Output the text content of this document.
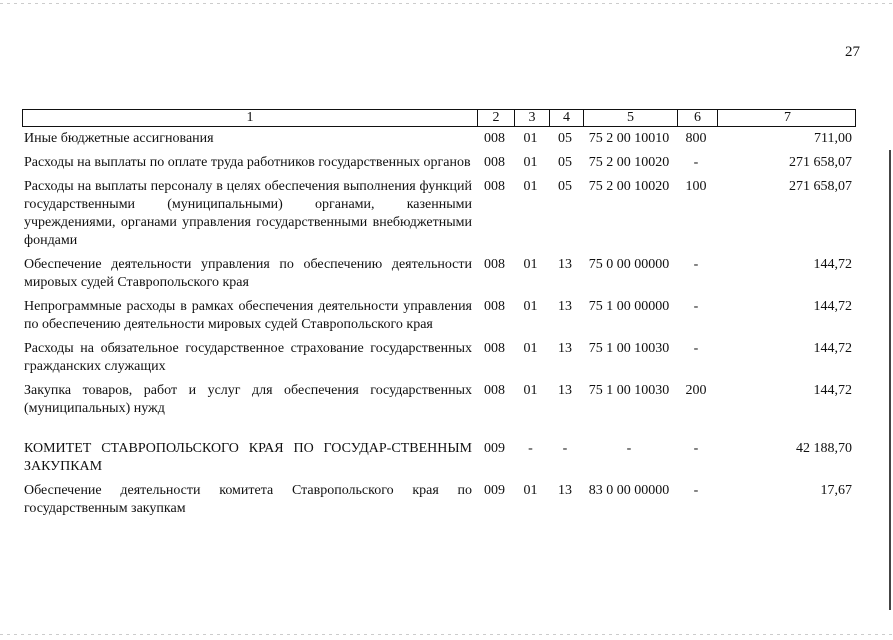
27
1	2	3	4	5	6	7
Иные бюджетные ассигнования	008	01	05	75 2 00 10010	800	711,00
Расходы на выплаты по оплате труда работников государственных органов 008	01	05	75 2 00 10020	-	271 658,07
Расходы на выплаты персоналу в целях обеспечения выполнения функций государственными (муниципальными) органами, казенными учреждениями, органами управления государственными внебюджетными фондами
008	01	05	75 2 00 10020	100	271 658,07
Обеспечение деятельности управления по обеспечению деятельности мировых судей Ставропольского края
008	01	13	75 0 00 00000	-	144,72
Непрограммные расходы в рамках обеспечения деятельности управления по обеспечению деятельности мировых судей Ставропольского края
008	01	13	75 1 00 00000	-	144,72
Расходы на обязательное государственное страхование государственных гражданских служащих
008	01	13	75 1 00 10030	-	144,72
Закупка товаров, работ и услуг для обеспечения государственных (муниципальных) нужд
008	01	13	75 1 00 10030	200	144,72
КОМИТЕТ СТАВРОПОЛЬСКОГО КРАЯ ПО ГОСУДАР-СТВЕННЫМ ЗАКУПКАМ
009	-	-	-	-	42 188,70
Обеспечение деятельности комитета Ставропольского края по государственным закупкам
009	01	13	83 0 00 00000	-	17,67
